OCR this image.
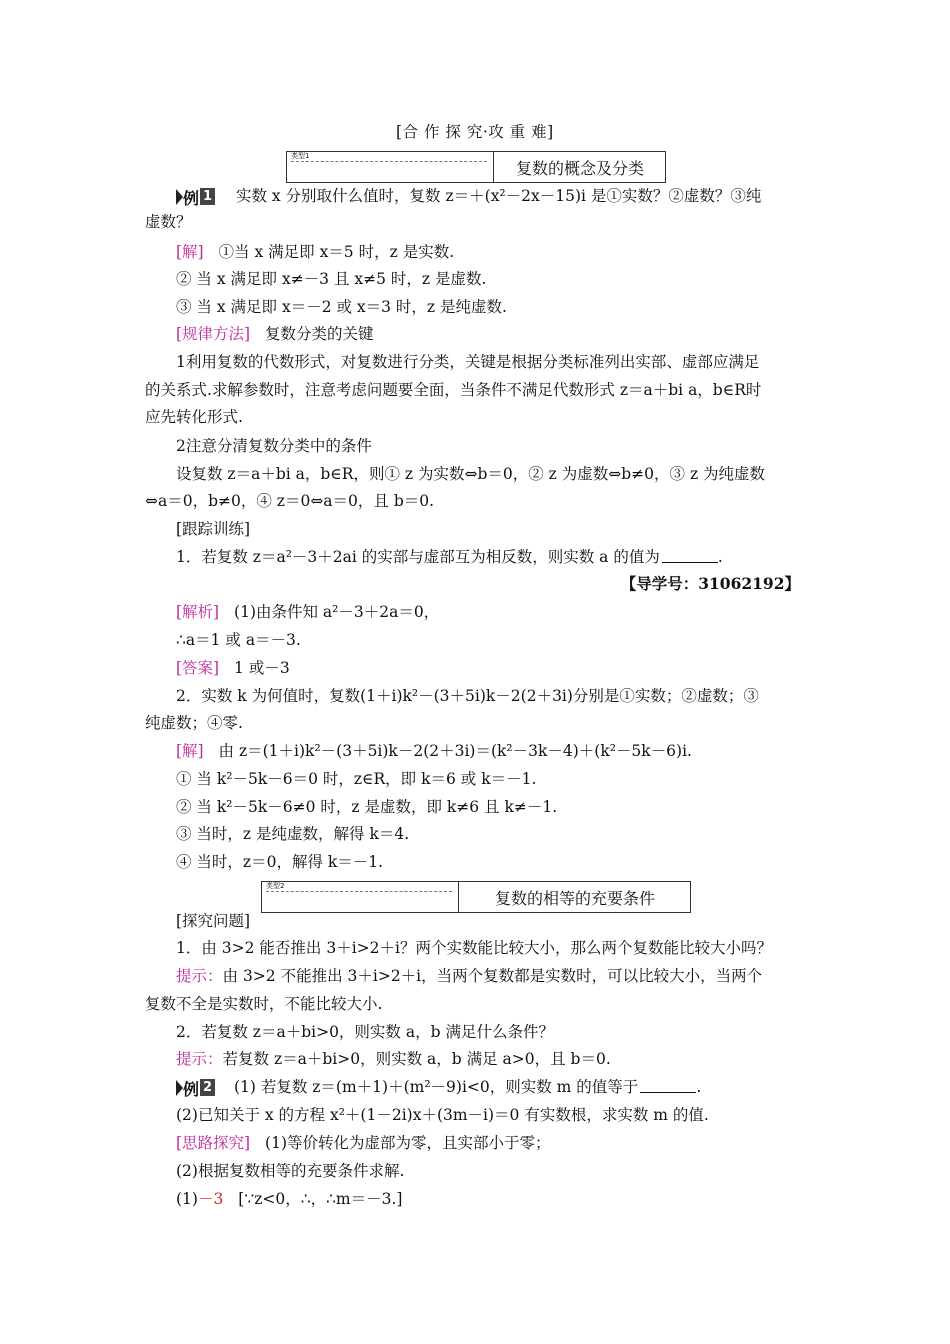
[合 作 探 究·攻 重 难]
类型1
复数的概念及分类
例 1 实数 x 分别取什么值时，复数 z＝＋(x²－2x－15)i 是①实数？②虚数？③纯
虚数？
[解] ①当 x 满足即 x＝5 时，z 是实数.
② 当 x 满足即 x≠－3 且 x≠5 时，z 是虚数.
③ 当 x 满足即 x＝－2 或 x＝3 时，z 是纯虚数.
[规律方法] 复数分类的关键
1利用复数的代数形式，对复数进行分类，关键是根据分类标准列出实部、虚部应满足
的关系式.求解参数时，注意考虑问题要全面，当条件不满足代数形式 z＝a＋bi a，b∈R时
应先转化形式.
2注意分清复数分类中的条件
设复数 z＝a＋bi a，b∈R，则① z 为实数⇔b＝0，② z 为虚数⇔b≠0，③ z 为纯虚数
⇔a＝0，b≠0，④ z＝0⇔a＝0，且 b＝0.
[跟踪训练]
1．若复数 z＝a²－3＋2ai 的实部与虚部互为相反数，则实数 a 的值为	.
【导学号：31062192】
[解析] (1)由条件知 a²－3＋2a＝0，
∴a＝1 或 a＝－3.
[答案] 1 或－3
2．实数 k 为何值时，复数(1＋i)k²－(3＋5i)k－2(2＋3i)分别是①实数；②虚数；③
纯虚数；④零.
[解] 由 z＝(1＋i)k²－(3＋5i)k－2(2＋3i)＝(k²－3k－4)＋(k²－5k－6)i.
① 当 k²－5k－6＝0 时，z∈R，即 k＝6 或 k＝－1.
② 当 k²－5k－6≠0 时，z 是虚数，即 k≠6 且 k≠－1.
③ 当时，z 是纯虚数，解得 k＝4.
④ 当时，z＝0，解得 k＝－1.
类型2
复数的相等的充要条件
[探究问题]
1．由 3>2 能否推出 3＋i>2＋i？两个实数能比较大小，那么两个复数能比较大小吗？
提示：由 3>2 不能推出 3＋i>2＋i，当两个复数都是实数时，可以比较大小，当两个
复数不全是实数时，不能比较大小.
2．若复数 z＝a＋bi>0，则实数 a，b 满足什么条件？
提示：若复数 z＝a＋bi>0，则实数 a，b 满足 a>0，且 b＝0.
例 2 (1) 若复数 z＝(m＋1)＋(m²－9)i<0，则实数 m 的值等于	.
(2)已知关于 x 的方程 x²＋(1－2i)x＋(3m－i)＝0 有实数根，求实数 m 的值.
[思路探究] (1)等价转化为虚部为零，且实部小于零；
(2)根据复数相等的充要条件求解.
(1)－3 [∵z<0，∴，∴m＝－3.]
